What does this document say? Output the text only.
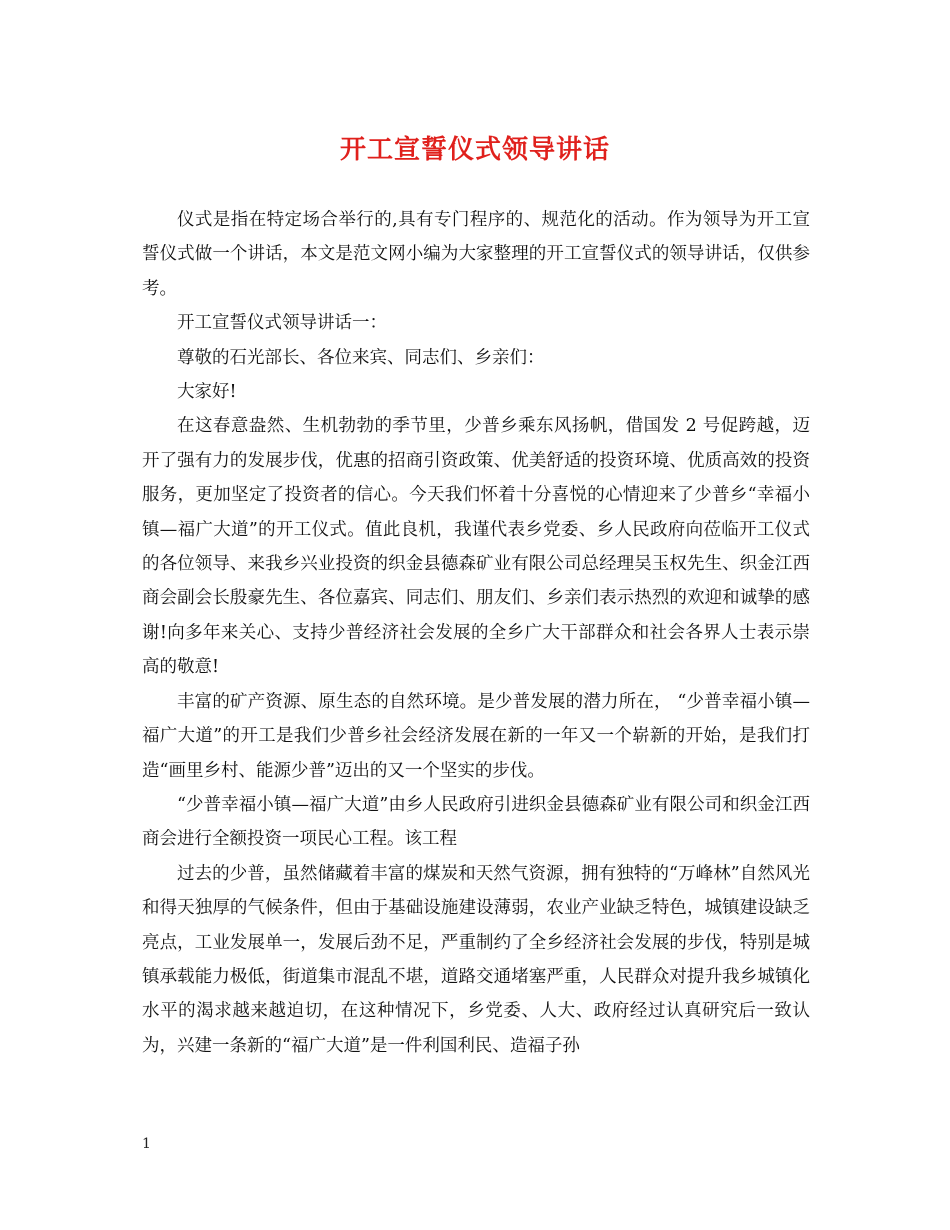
开工宣誓仪式领导讲话

仪式是指在特定场合举行的,具有专门程序的、规范化的活动。作为领导为开工宣誓仪式做一个讲话，本文是范文网小编为大家整理的开工宣誓仪式的领导讲话，仅供参考。

开工宣誓仪式领导讲话一：

尊敬的石光部长、各位来宾、同志们、乡亲们：

大家好!

在这春意盎然、生机勃勃的季节里，少普乡乘东风扬帆，借国发 2 号促跨越，迈开了强有力的发展步伐，优惠的招商引资政策、优美舒适的投资环境、优质高效的投资服务，更加坚定了投资者的信心。今天我们怀着十分喜悦的心情迎来了少普乡“幸福小镇—福广大道”的开工仪式。值此良机，我谨代表乡党委、乡人民政府向莅临开工仪式的各位领导、来我乡兴业投资的织金县德森矿业有限公司总经理吴玉权先生、织金江西商会副会长殷豪先生、各位嘉宾、同志们、朋友们、乡亲们表示热烈的欢迎和诚挚的感谢!向多年来关心、支持少普经济社会发展的全乡广大干部群众和社会各界人士表示崇高的敬意!

丰富的矿产资源、原生态的自然环境。是少普发展的潜力所在， “少普幸福小镇—福广大道”的开工是我们少普乡社会经济发展在新的一年又一个崭新的开始，是我们打造“画里乡村、能源少普”迈出的又一个坚实的步伐。

“少普幸福小镇—福广大道”由乡人民政府引进织金县德森矿业有限公司和织金江西商会进行全额投资一项民心工程。该工程

过去的少普，虽然储藏着丰富的煤炭和天然气资源，拥有独特的“万峰林”自然风光和得天独厚的气候条件，但由于基础设施建设薄弱，农业产业缺乏特色，城镇建设缺乏亮点，工业发展单一，发展后劲不足，严重制约了全乡经济社会发展的步伐，特别是城镇承载能力极低，街道集市混乱不堪，道路交通堵塞严重，人民群众对提升我乡城镇化水平的渴求越来越迫切，在这种情况下，乡党委、人大、政府经过认真研究后一致认为，兴建一条新的“福广大道”是一件利国利民、造福子孙

1
